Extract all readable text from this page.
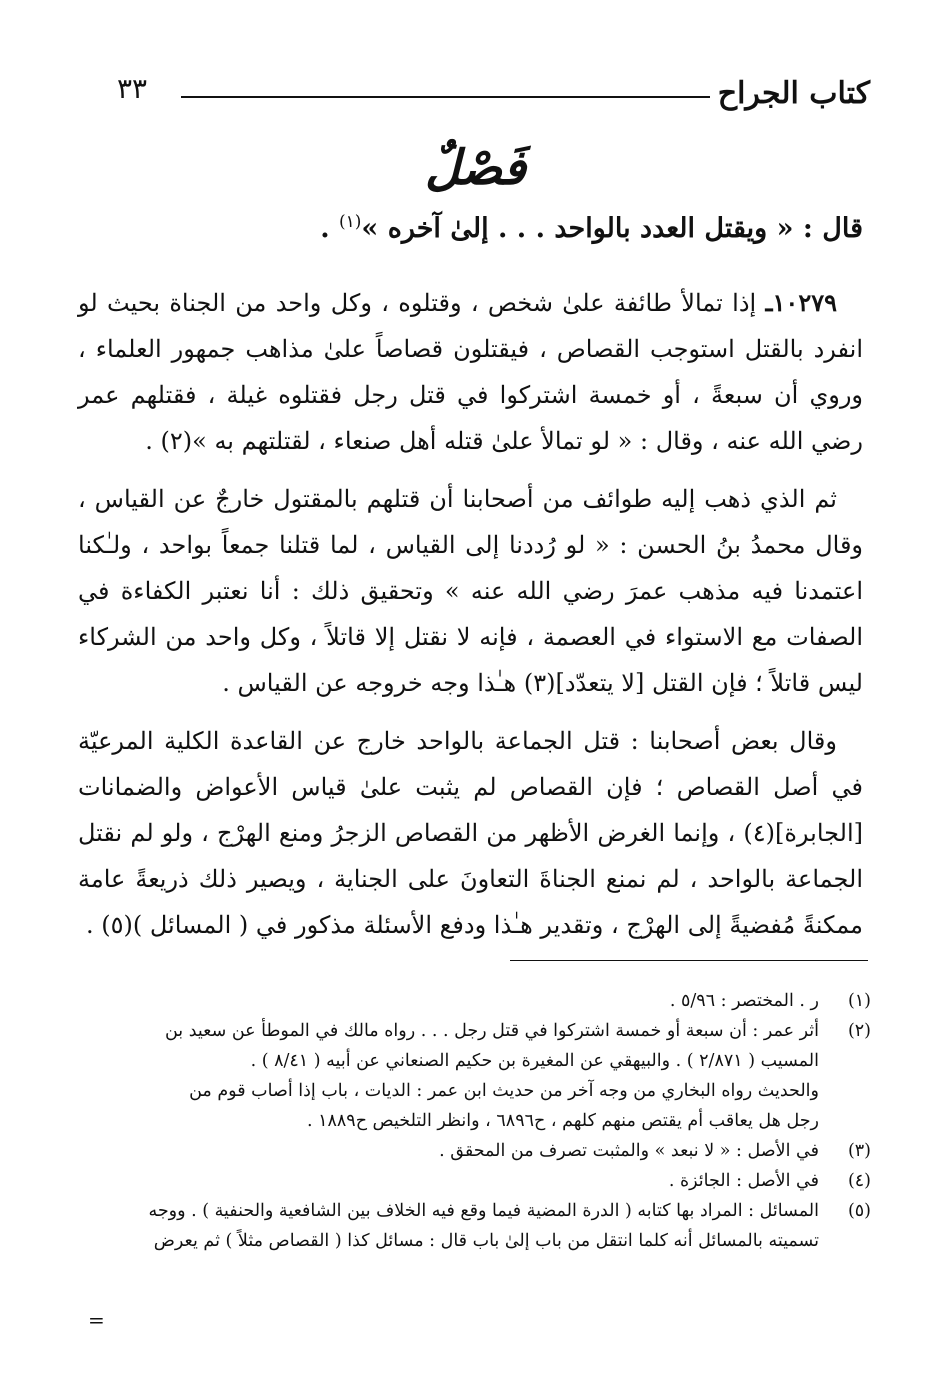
كتاب الجراح
٣٣
فَصْلٌ
قال : « ويقتل العدد بالواحد . . . إلىٰ آخره »$^{(١)}$ .
١٠٢٧٩ـ إذا تمالأ طائفة علىٰ شخص ، وقتلوه ، وكل واحد من الجناة بحيث لو انفرد بالقتل استوجب القصاص ، فيقتلون قصاصاً علىٰ مذاهب جمهور العلماء ، وروي أن سبعةً ، أو خمسة اشتركوا في قتل رجل فقتلوه غيلة ، فقتلهم عمر رضي الله عنه ، وقال : « لو تمالأ علىٰ قتله أهل صنعاء ، لقتلتهم به »(٢) .
ثم الذي ذهب إليه طوائف من أصحابنا أن قتلهم بالمقتول خارجٌ عن القياس ، وقال محمدُ بنُ الحسن : « لو رُددنا إلى القياس ، لما قتلنا جمعاً بواحد ، ولـٰكنا اعتمدنا فيه مذهب عمرَ رضي الله عنه » وتحقيق ذلك : أنا نعتبر الكفاءة في الصفات مع الاستواء في العصمة ، فإنه لا نقتل إلا قاتلاً ، وكل واحد من الشركاء ليس قاتلاً ؛ فإن القتل [لا يتعدّد](٣) هـٰذا وجه خروجه عن القياس .
وقال بعض أصحابنا : قتل الجماعة بالواحد خارج عن القاعدة الكلية المرعيّة في أصل القصاص ؛ فإن القصاص لم يثبت علىٰ قياس الأعواض والضمانات [الجابرة](٤) ، وإنما الغرض الأظهر من القصاص الزجرُ ومنع الهرْج ، ولو لم نقتل الجماعة بالواحد ، لم نمنع الجناةَ التعاونَ على الجناية ، ويصير ذلك ذريعةً عامة ممكنةً مُفضيةً إلى الهرْج ، وتقدير هـٰذا ودفع الأسئلة مذكور في ( المسائل )(٥) .
(١)
ر . المختصر : ٥/٩٦ .
(٢)
أثر عمر : أن سبعة أو خمسة اشتركوا في قتل رجل . . . رواه مالك في الموطأ عن سعيد بن
المسيب ( ٢/٨٧١ ) . والبيهقي عن المغيرة بن حكيم الصنعاني عن أبيه ( ٨/٤١ ) .
والحديث رواه البخاري من وجه آخر من حديث ابن عمر : الديات ، باب إذا أصاب قوم من
رجل هل يعاقب أم يقتص منهم كلهم ، ح٦٨٩٦ ، وانظر التلخيص ح١٨٨٩ .
(٣)
في الأصل : « لا نبعد » والمثبت تصرف من المحقق .
(٤)
في الأصل : الجائزة .
(٥)
المسائل : المراد بها كتابه ( الدرة المضية فيما وقع فيه الخلاف بين الشافعية والحنفية ) . ووجه
تسميته بالمسائل أنه كلما انتقل من باب إلىٰ باب قال : مسائل كذا ( القصاص مثلاً ) ثم يعرض
=
